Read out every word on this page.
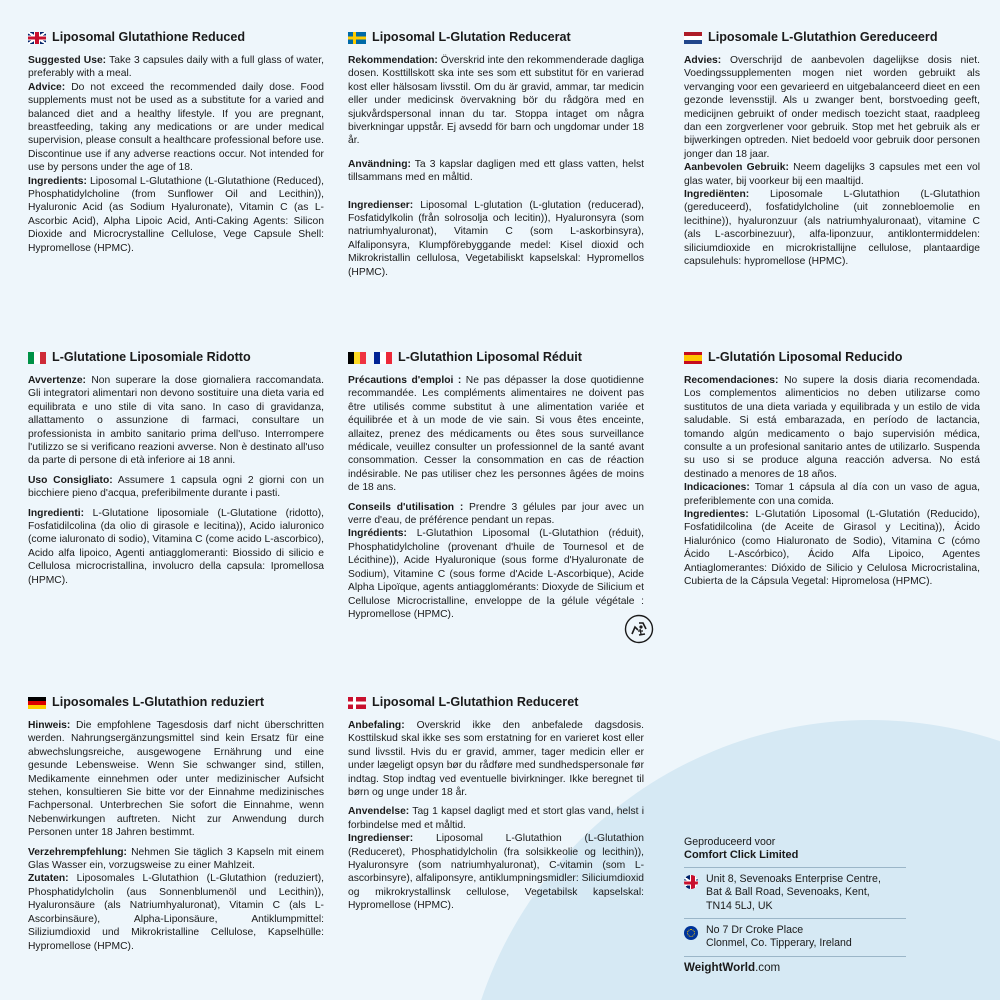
Liposomal Glutathione Reduced

Suggested Use: Take 3 capsules daily with a full glass of water, preferably with a meal.

Advice: Do not exceed the recommended daily dose. Food supplements must not be used as a substitute for a varied and balanced diet and a healthy lifestyle. If you are pregnant, breastfeeding, taking any medications or are under medical supervision, please consult a healthcare professional before use. Discontinue use if any adverse reactions occur. Not intended for use by persons under the age of 18.

Ingredients: Liposomal L-Glutathione (L-Glutathione (Reduced), Phosphatidylcholine (from Sunflower Oil and Lecithin)), Hyaluronic Acid (as Sodium Hyaluronate), Vitamin C (as L-Ascorbic Acid), Alpha Lipoic Acid, Anti-Caking Agents: Silicon Dioxide and Microcrystalline Cellulose, Vege Capsule Shell: Hypromellose (HPMC).

Liposomal L-Glutation Reducerat

Rekommendation: Överskrid inte den rekommenderade dagliga dosen. Kosttillskott ska inte ses som ett substitut för en varierad kost eller hälsosam livsstil. Om du är gravid, ammar, tar medicin eller under medicinsk övervakning bör du rådgöra med en sjukvårdspersonal innan du tar. Stoppa intaget om några biverkningar uppstår. Ej avsedd för barn och ungdomar under 18 år.

Användning: Ta 3 kapslar dagligen med ett glass vatten, helst tillsammans med en måltid.

Ingredienser: Liposomal L-glutation (L-glutation (reducerad), Fosfatidylkolin (från solrosolja och lecitin)), Hyaluronsyra (som natriumhyaluronat), Vitamin C (som L-askorbinsyra), Alfaliponsyra, Klumpförebyggande medel: Kisel dioxid och Mikrokristallin cellulosa, Vegetabiliskt kapselskal: Hypromellos (HPMC).

Liposomale L-Glutathion Gereduceerd

Advies: Overschrijd de aanbevolen dagelijkse dosis niet. Voedingssupplementen mogen niet worden gebruikt als vervanging voor een gevarieerd en uitgebalanceerd dieet en een gezonde levensstijl. Als u zwanger bent, borstvoeding geeft, medicijnen gebruikt of onder medisch toezicht staat, raadpleeg dan een zorgverlener voor gebruik. Stop met het gebruik als er bijwerkingen optreden. Niet bedoeld voor gebruik door personen jonger dan 18 jaar.

Aanbevolen Gebruik: Neem dagelijks 3 capsules met een vol glas water, bij voorkeur bij een maaltijd.

Ingrediënten: Liposomale L-Glutathion (L-Glutathion (gereduceerd), fosfatidylcholine (uit zonnebloemolie en lecithine)), hyaluronzuur (als natriumhyaluronaat), vitamine C (als L-ascorbinezuur), alfa-liponzuur, antiklontermiddelen: siliciumdioxide en microkristallijne cellulose, plantaardige capsulehuls: hypromellose (HPMC).

L-Glutatione Liposomiale Ridotto

Avvertenze: Non superare la dose giornaliera raccomandata. Gli integratori alimentari non devono sostituire una dieta varia ed equilibrata e uno stile di vita sano. In caso di gravidanza, allattamento o assunzione di farmaci, consultare un professionista in ambito sanitario prima dell'uso. Interrompere l'utilizzo se si verificano reazioni avverse. Non è destinato all'uso da parte di persone di età inferiore ai 18 anni.

Uso Consigliato: Assumere 1 capsula ogni 2 giorni con un bicchiere pieno d'acqua, preferibilmente durante i pasti.

Ingredienti: L-Glutatione liposomiale (L-Glutatione (ridotto), Fosfatidilcolina (da olio di girasole e lecitina)), Acido ialuronico (come ialuronato di sodio), Vitamina C (come acido L-ascorbico), Acido alfa lipoico, Agenti antiagglomeranti: Biossido di silicio e Cellulosa microcristallina, involucro della capsula: Ipromellosa (HPMC).

L-Glutathion Liposomal Réduit

Précautions d'emploi : Ne pas dépasser la dose quotidienne recommandée. Les compléments alimentaires ne doivent pas être utilisés comme substitut à une alimentation variée et équilibrée et à un mode de vie sain. Si vous êtes enceinte, allaitez, prenez des médicaments ou êtes sous surveillance médicale, veuillez consulter un professionnel de la santé avant consommation. Cesser la consommation en cas de réaction indésirable. Ne pas utiliser chez les personnes âgées de moins de 18 ans.

Conseils d'utilisation : Prendre 3 gélules par jour avec un verre d'eau, de préférence pendant un repas.

Ingrédients: L-Glutathion Liposomal (L-Glutathion (réduit), Phosphatidylcholine (provenant d'huile de Tournesol et de Lécithine)), Acide Hyaluronique (sous forme d'Hyaluronate de Sodium), Vitamine C (sous forme d'Acide L-Ascorbique), Acide Alpha Lipoïque, agents antiagglomérants: Dioxyde de Silicium et Cellulose Microcristalline, enveloppe de la gélule végétale : Hypromellose (HPMC).

L-Glutatión Liposomal Reducido

Recomendaciones: No supere la dosis diaria recomendada. Los complementos alimenticios no deben utilizarse como sustitutos de una dieta variada y equilibrada y un estilo de vida saludable. Si está embarazada, en período de lactancia, tomando algún medicamento o bajo supervisión médica, consulte a un profesional sanitario antes de utilizarlo. Suspenda su uso si se produce alguna reacción adversa. No está destinado a menores de 18 años.

Indicaciones: Tomar 1 cápsula al día con un vaso de agua, preferiblemente con una comida.

Ingredientes: L-Glutatión Liposomal (L-Glutatión (Reducido), Fosfatidilcolina (de Aceite de Girasol y Lecitina)), Ácido Hialurónico (como Hialuronato de Sodio), Vitamina C (cómo Ácido L-Ascórbico), Ácido Alfa Lipoico, Agentes Antiaglomerantes: Dióxido de Silicio y Celulosa Microcristalina, Cubierta de la Cápsula Vegetal: Hipromelosa (HPMC).

Liposomales L-Glutathion reduziert

Hinweis: Die empfohlene Tagesdosis darf nicht überschritten werden. Nahrungsergänzungsmittel sind kein Ersatz für eine abwechslungsreiche, ausgewogene Ernährung und eine gesunde Lebensweise. Wenn Sie schwanger sind, stillen, Medikamente einnehmen oder unter medizinischer Aufsicht stehen, konsultieren Sie bitte vor der Einnahme medizinisches Fachpersonal. Unterbrechen Sie sofort die Einnahme, wenn Nebenwirkungen auftreten. Nicht zur Anwendung durch Personen unter 18 Jahren bestimmt.

Verzehrempfehlung: Nehmen Sie täglich 3 Kapseln mit einem Glas Wasser ein, vorzugsweise zu einer Mahlzeit.

Zutaten: Liposomales L-Glutathion (L-Glutathion (reduziert), Phosphatidylcholin (aus Sonnenblumenöl und Lecithin)), Hyaluronsäure (als Natriumhyaluronat), Vitamin C (als L-Ascorbinsäure), Alpha-Liponsäure, Antiklumpmittel: Siliziumdioxid und Mikrokristalline Cellulose, Kapselhülle: Hypromellose (HPMC).

Liposomal L-Glutathion Reduceret

Anbefaling: Overskrid ikke den anbefalede dagsdosis. Kosttilskud skal ikke ses som erstatning for en varieret kost eller sund livsstil. Hvis du er gravid, ammer, tager medicin eller er under lægeligt opsyn bør du rådføre med sundhedspersonale før indtag. Stop indtag ved eventuelle bivirkninger. Ikke beregnet til børn og unge under 18 år.

Anvendelse: Tag 1 kapsel dagligt med et stort glas vand, helst i forbindelse med et måltid.

Ingredienser: Liposomal L-Glutathion (L-Glutathion (Reduceret), Phosphatidylcholin (fra solsikkeolie og lecithin)), Hyaluronsyre (som natriumhyaluronat), C-vitamin (som L-ascorbinsyre), alfaliponsyre, antiklumpningsmidler: Siliciumdioxid og mikrokrystallinsk cellulose, Vegetabilsk kapselskal: Hypromellose (HPMC).

Geproduceerd voor
Comfort Click Limited
Unit 8, Sevenoaks Enterprise Centre,
Bat & Ball Road, Sevenoaks, Kent,
TN14 5LJ, UK
No 7 Dr Croke Place
Clonmel, Co. Tipperary, Ireland
WeightWorld.com
